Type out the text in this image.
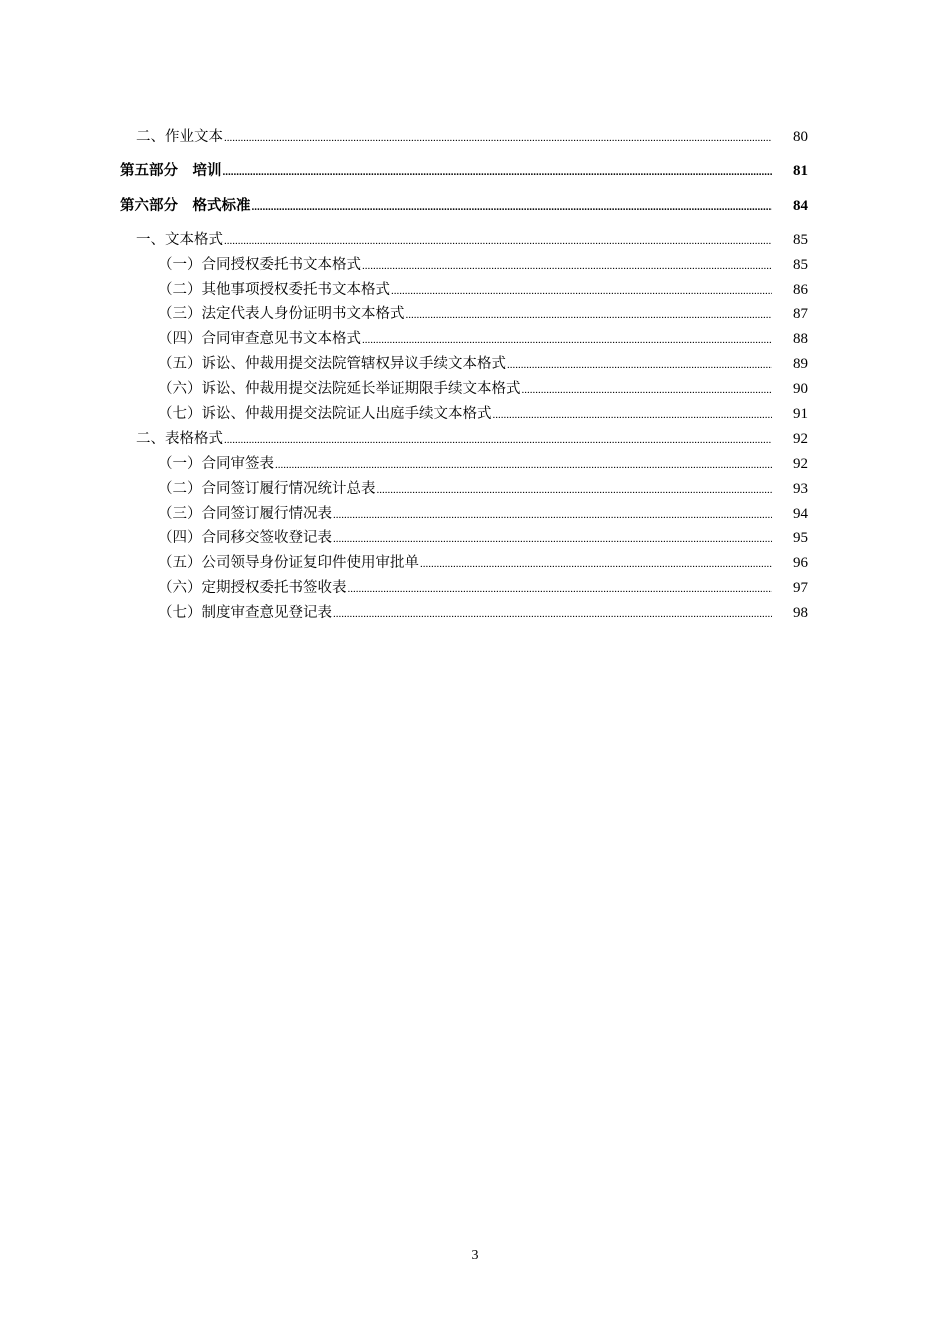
二、作业文本 .....	80
第五部分　培训 .....	81
第六部分　格式标准 .....	84
一、文本格式 .....	85
（一）合同授权委托书文本格式 .....	85
（二）其他事项授权委托书文本格式 .....	86
（三）法定代表人身份证明书文本格式 .....	87
（四）合同审查意见书文本格式 .....	88
（五）诉讼、仲裁用提交法院管辖权异议手续文本格式 .....	89
（六）诉讼、仲裁用提交法院延长举证期限手续文本格式 .....	90
（七）诉讼、仲裁用提交法院证人出庭手续文本格式 .....	91
二、表格格式 .....	92
（一）合同审签表 .....	92
（二）合同签订履行情况统计总表 .....	93
（三）合同签订履行情况表 .....	94
（四）合同移交签收登记表 .....	95
（五）公司领导身份证复印件使用审批单 .....	96
（六）定期授权委托书签收表 .....	97
（七）制度审查意见登记表 .....	98
3
